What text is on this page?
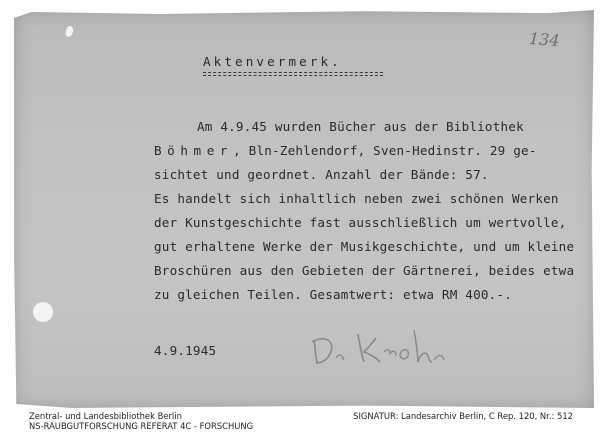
134
Aktenvermerk.
Am 4.9.45 wurden Bücher aus der Bibliothek
Böhmer, Bln-Zehlendorf, Sven-Hedinstr. 29 ge-
sichtet und geordnet. Anzahl der Bände: 57.
Es handelt sich inhaltlich neben zwei schönen Werken
der Kunstgeschichte fast ausschließlich um wertvolle,
gut erhaltene Werke der Musikgeschichte, und um kleine
Broschüren aus den Gebieten der Gärtnerei, beides etwa
zu gleichen Teilen. Gesamtwert: etwa RM 400.-.
4.9.1945
Zentral- und Landesbibliothek Berlin
NS-RAUBGUTFORSCHUNG REFERAT 4C - FORSCHUNG
SIGNATUR: Landesarchiv Berlin, C Rep. 120, Nr.: 512
